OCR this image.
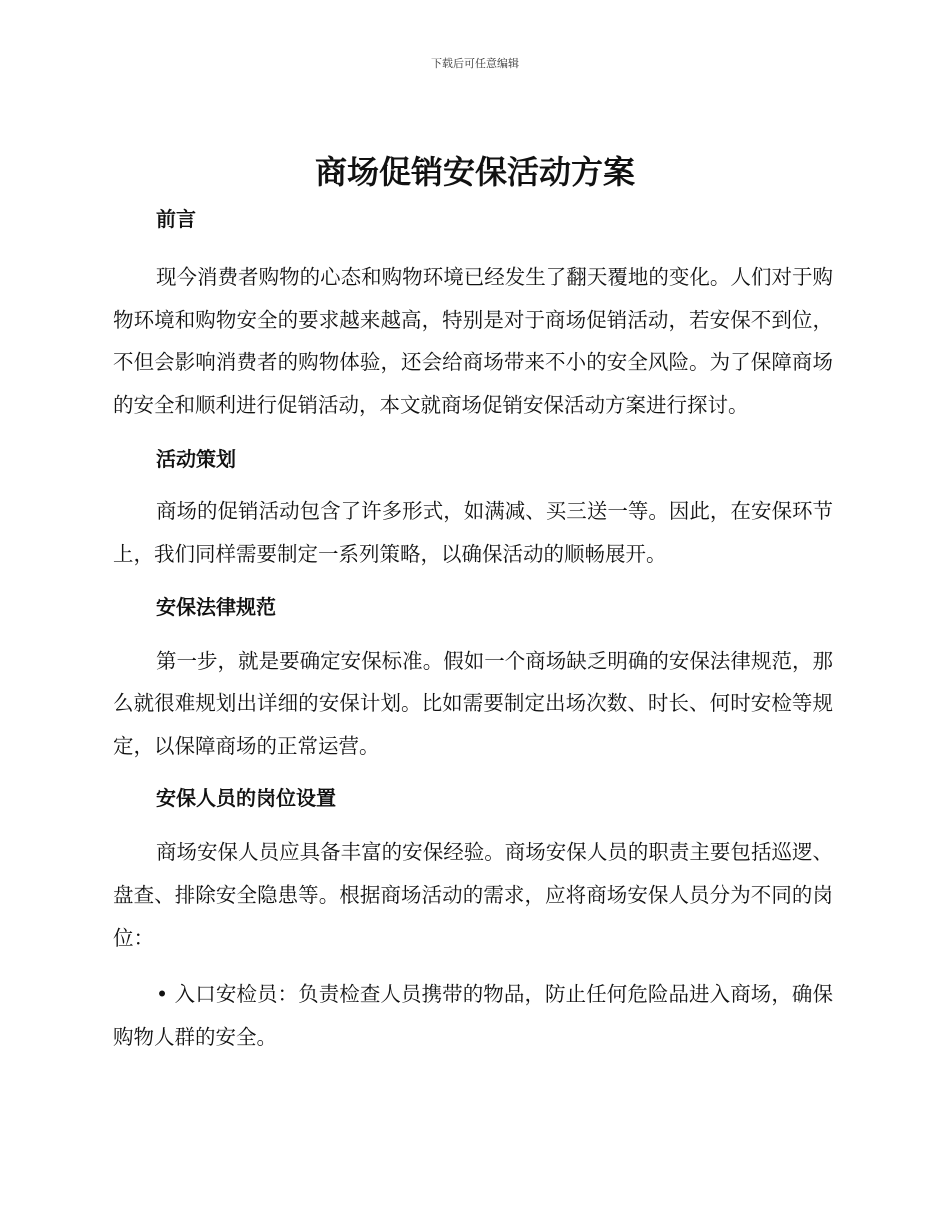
下载后可任意编辑
商场促销安保活动方案
前言

现今消费者购物的心态和购物环境已经发生了翻天覆地的变化。人们对于购物环境和购物安全的要求越来越高，特别是对于商场促销活动，若安保不到位，不但会影响消费者的购物体验，还会给商场带来不小的安全风险。为了保障商场的安全和顺利进行促销活动，本文就商场促销安保活动方案进行探讨。

活动策划

商场的促销活动包含了许多形式，如满减、买三送一等。因此，在安保环节上，我们同样需要制定一系列策略，以确保活动的顺畅展开。

安保法律规范

第一步，就是要确定安保标准。假如一个商场缺乏明确的安保法律规范，那么就很难规划出详细的安保计划。比如需要制定出场次数、时长、何时安检等规定，以保障商场的正常运营。

安保人员的岗位设置

商场安保人员应具备丰富的安保经验。商场安保人员的职责主要包括巡逻、盘查、排除安全隐患等。根据商场活动的需求，应将商场安保人员分为不同的岗位：

• 入口安检员：负责检查人员携带的物品，防止任何危险品进入商场，确保购物人群的安全。
